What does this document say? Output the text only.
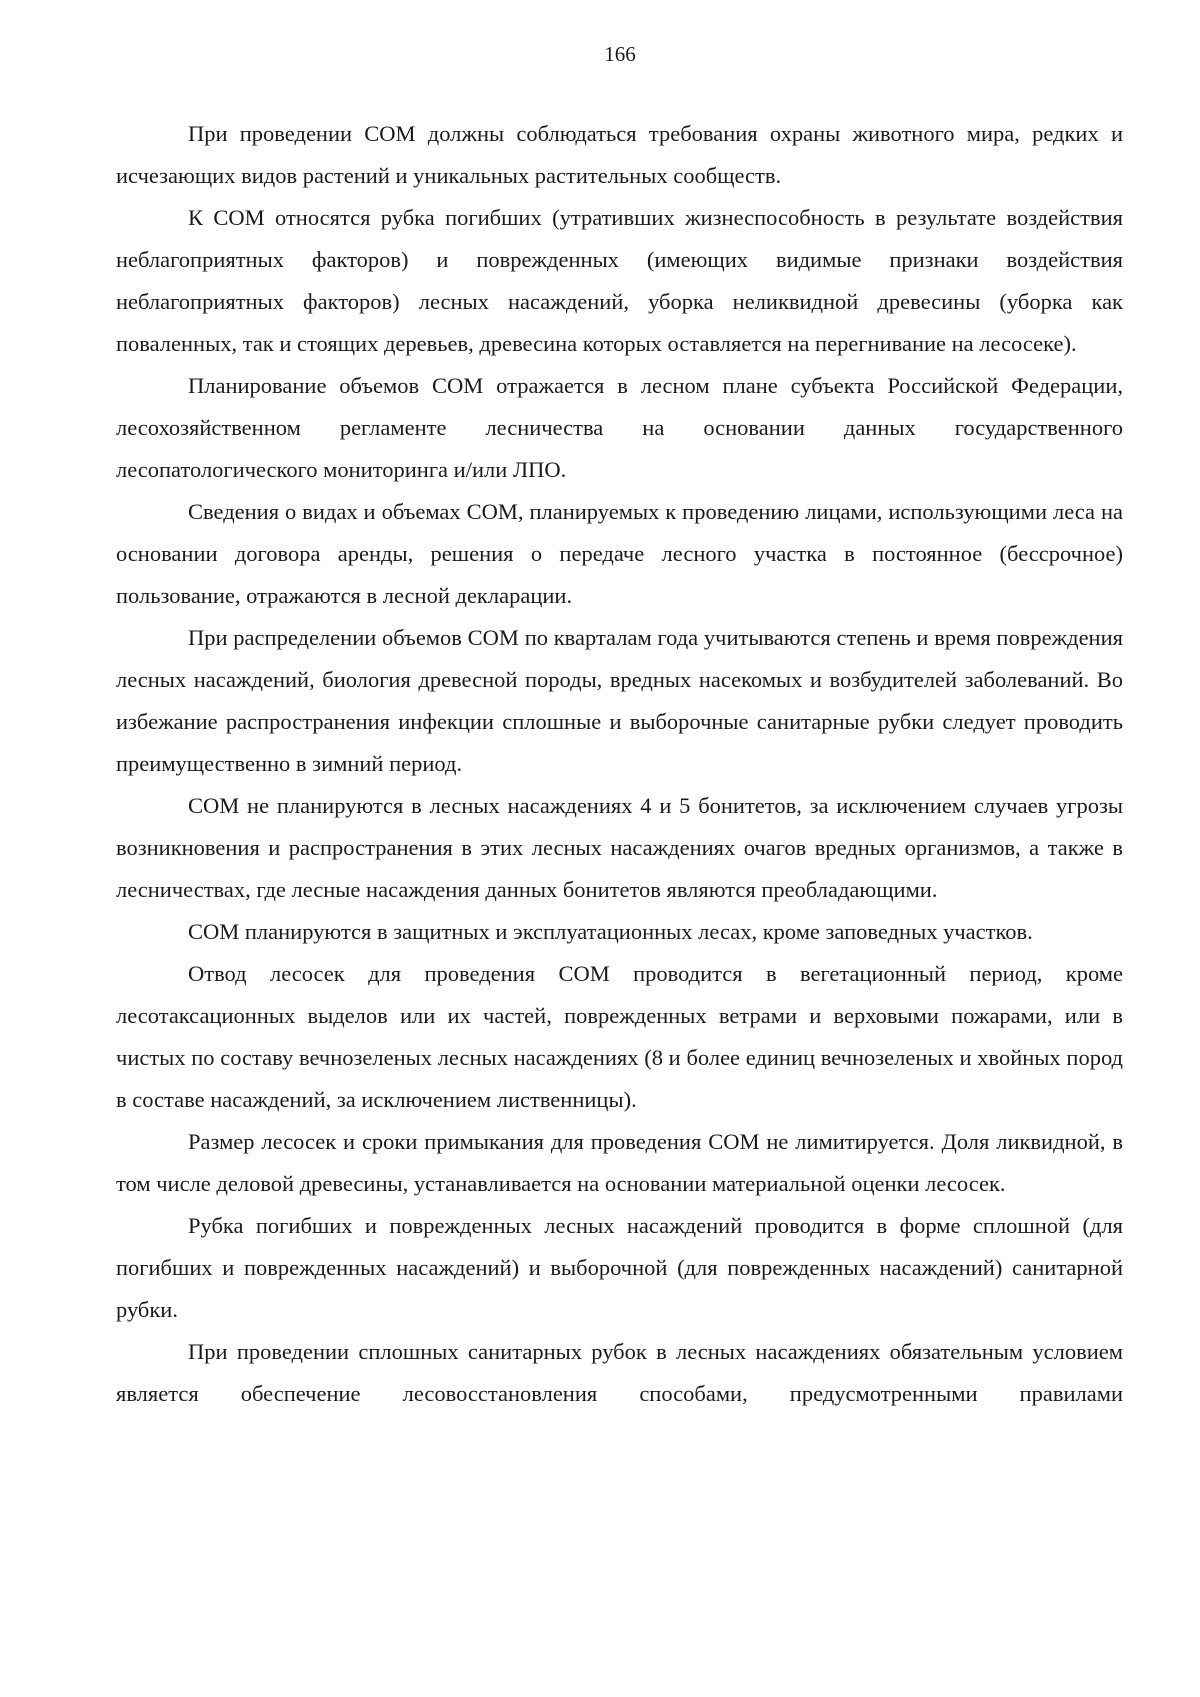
166

При проведении СОМ должны соблюдаться требования охраны животного мира, редких и исчезающих видов растений и уникальных растительных сообществ.

К СОМ относятся рубка погибших (утративших жизнеспособность в результате воздействия неблагоприятных факторов) и поврежденных (имеющих видимые признаки воздействия неблагоприятных факторов) лесных насаждений, уборка неликвидной древесины (уборка как поваленных, так и стоящих деревьев, древесина которых оставляется на перегнивание на лесосеке).

Планирование объемов СОМ отражается в лесном плане субъекта Российской Федерации, лесохозяйственном регламенте лесничества на основании данных государственного лесопатологического мониторинга и/или ЛПО.

Сведения о видах и объемах СОМ, планируемых к проведению лицами, использующими леса на основании договора аренды, решения о передаче лесного участка в постоянное (бессрочное) пользование, отражаются в лесной декларации.

При распределении объемов СОМ по кварталам года учитываются степень и время повреждения лесных насаждений, биология древесной породы, вредных насекомых и возбудителей заболеваний. Во избежание распространения инфекции сплошные и выборочные санитарные рубки следует проводить преимущественно в зимний период.

СОМ не планируются в лесных насаждениях 4 и 5 бонитетов, за исключением случаев угрозы возникновения и распространения в этих лесных насаждениях очагов вредных организмов, а также в лесничествах, где лесные насаждения данных бонитетов являются преобладающими.

СОМ планируются в защитных и эксплуатационных лесах, кроме заповедных участков.

Отвод лесосек для проведения СОМ проводится в вегетационный период, кроме лесотаксационных выделов или их частей, поврежденных ветрами и верховыми пожарами, или в чистых по составу вечнозеленых лесных насаждениях (8 и более единиц вечнозеленых и хвойных пород в составе насаждений, за исключением лиственницы).

Размер лесосек и сроки примыкания для проведения СОМ не лимитируется. Доля ликвидной, в том числе деловой древесины, устанавливается на основании материальной оценки лесосек.

Рубка погибших и поврежденных лесных насаждений проводится в форме сплошной (для погибших и поврежденных насаждений) и выборочной (для поврежденных насаждений) санитарной рубки.

При проведении сплошных санитарных рубок в лесных насаждениях обязательным условием является обеспечение лесовосстановления способами, предусмотренными правилами
